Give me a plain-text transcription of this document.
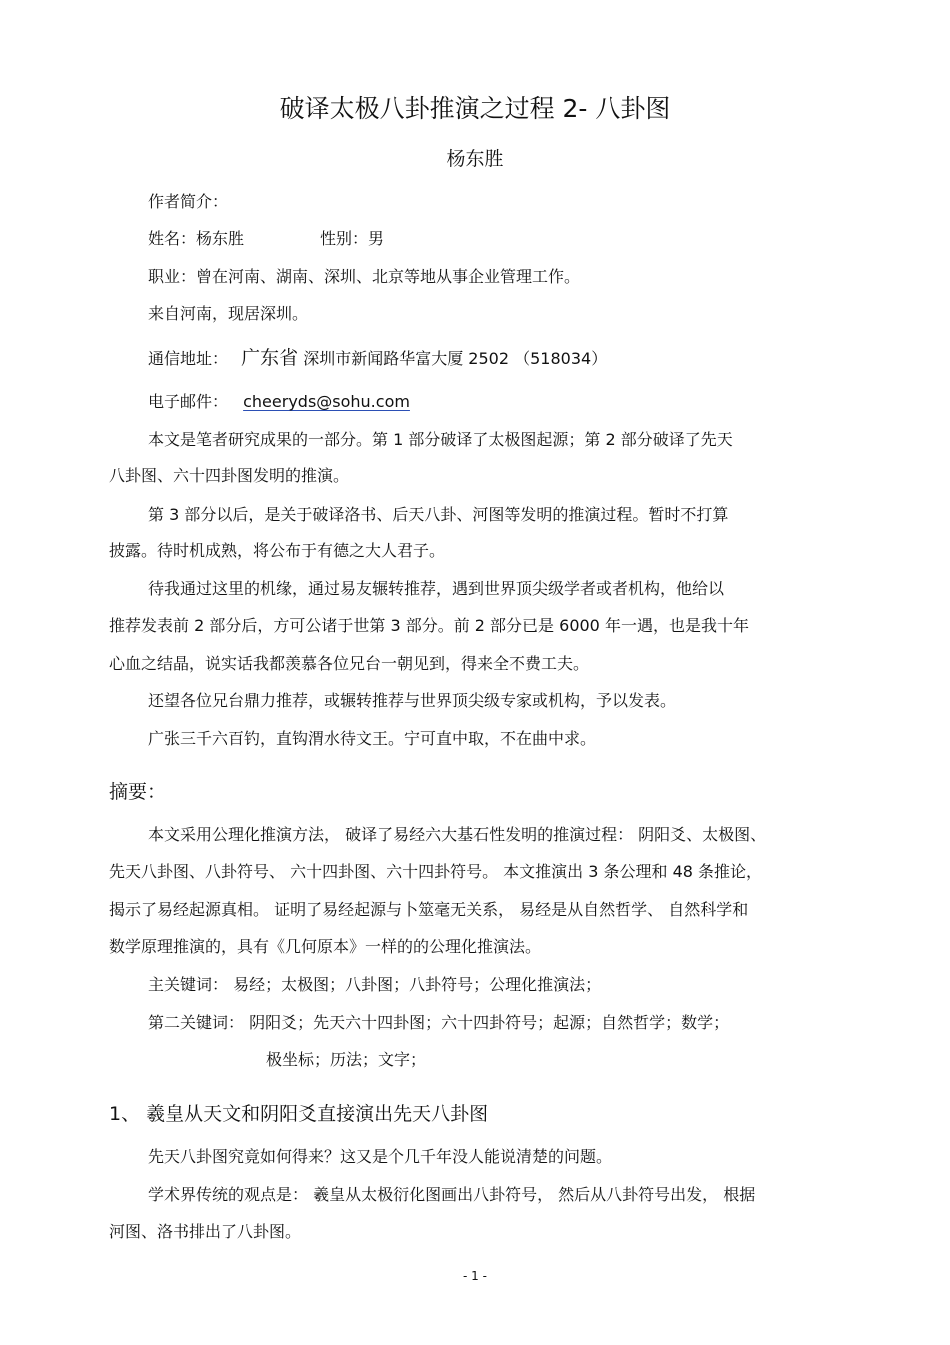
破译太极八卦推演之过程 2- 八卦图
杨东胜
作者简介：
姓名：杨东胜	性别：男
职业：曾在河南、湖南、深圳、北京等地从事企业管理工作。
来自河南，现居深圳。
通信地址： 广东省 深圳市新闻路华富大厦 2502 （518034）
电子邮件： cheeryds@sohu.com
本文是笔者研究成果的一部分。第 1 部分破译了太极图起源；第 2 部分破译了先天
八卦图、六十四卦图发明的推演。
第 3 部分以后，是关于破译洛书、后天八卦、河图等发明的推演过程。暂时不打算
披露。待时机成熟，将公布于有德之大人君子。
待我通过这里的机缘，通过易友辗转推荐，遇到世界顶尖级学者或者机构，他给以
推荐发表前 2 部分后，方可公诸于世第 3 部分。前 2 部分已是 6000 年一遇，也是我十年
心血之结晶，说实话我都羡慕各位兄台一朝见到，得来全不费工夫。
还望各位兄台鼎力推荐，或辗转推荐与世界顶尖级专家或机构，予以发表。
广张三千六百钓，直钩渭水待文王。宁可直中取，不在曲中求。
摘要：
本文采用公理化推演方法， 破译了易经六大基石性发明的推演过程： 阴阳爻、太极图、
先天八卦图、八卦符号、 六十四卦图、六十四卦符号。 本文推演出 3 条公理和 48 条推论，
揭示了易经起源真相。 证明了易经起源与卜筮毫无关系， 易经是从自然哲学、 自然科学和
数学原理推演的，具有《几何原本》一样的的公理化推演法。
主关键词： 易经；太极图；八卦图；八卦符号；公理化推演法；
第二关键词： 阴阳爻；先天六十四卦图；六十四卦符号；起源；自然哲学；数学；
极坐标；历法；文字；
1、 羲皇从天文和阴阳爻直接演出先天八卦图
先天八卦图究竟如何得来？这又是个几千年没人能说清楚的问题。
学术界传统的观点是： 羲皇从太极衍化图画出八卦符号， 然后从八卦符号出发， 根据
河图、洛书排出了八卦图。
- 1 -
